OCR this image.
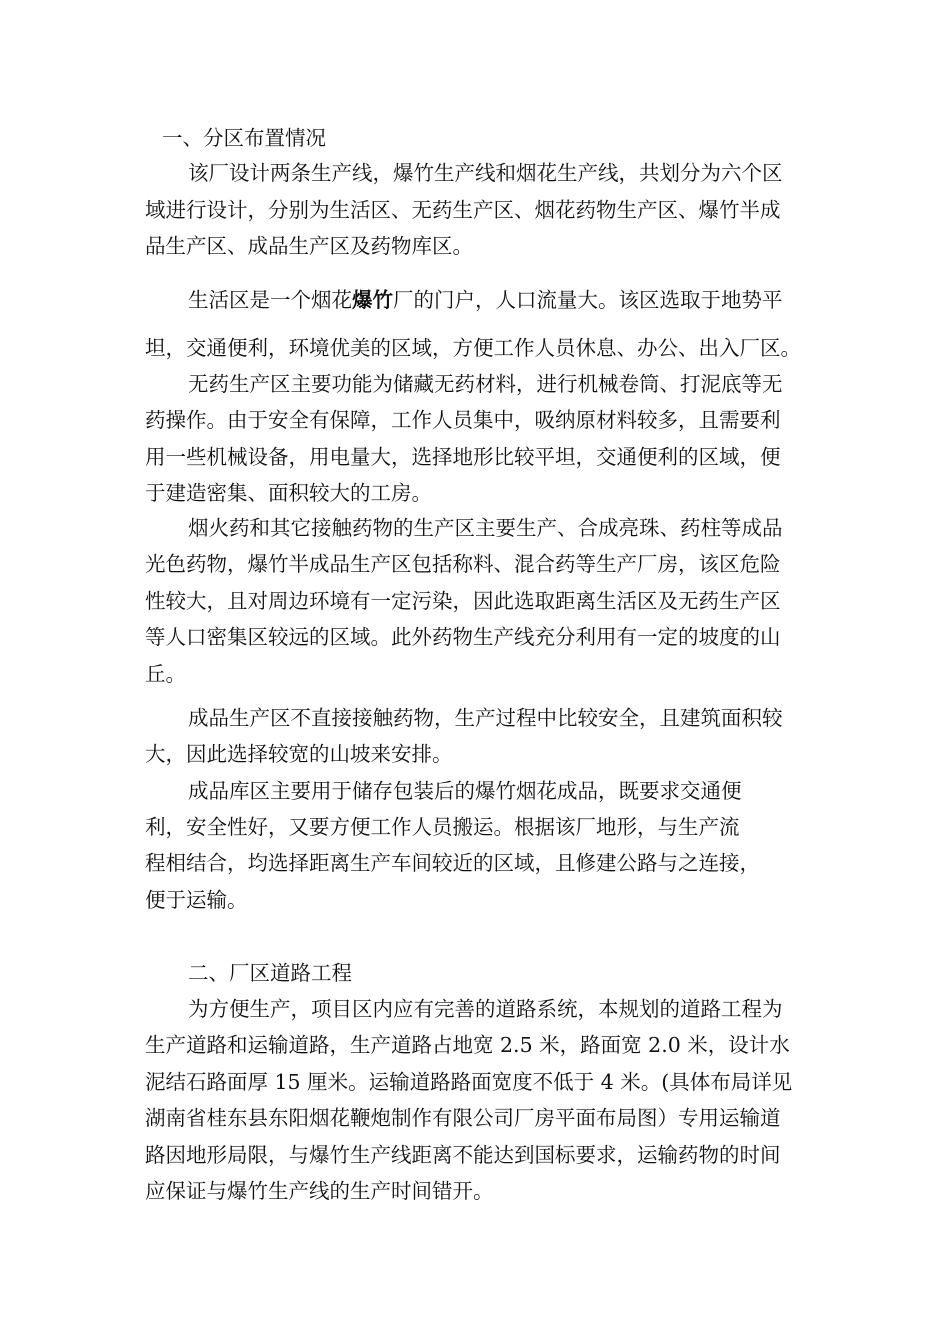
一、分区布置情况

该厂设计两条生产线，爆竹生产线和烟花生产线，共划分为六个区

域进行设计，分别为生活区、无药生产区、烟花药物生产区、爆竹半成

品生产区、成品生产区及药物库区。

生活区是一个烟花爆竹厂的门户，人口流量大。该区选取于地势平

坦，交通便利，环境优美的区域，方便工作人员休息、办公、出入厂区。

无药生产区主要功能为储藏无药材料，进行机械卷筒、打泥底等无

药操作。由于安全有保障，工作人员集中，吸纳原材料较多，且需要利

用一些机械设备，用电量大，选择地形比较平坦，交通便利的区域，便

于建造密集、面积较大的工房。

烟火药和其它接触药物的生产区主要生产、合成亮珠、药柱等成品

光色药物，爆竹半成品生产区包括称料、混合药等生产厂房，该区危险

性较大，且对周边环境有一定污染，因此选取距离生活区及无药生产区

等人口密集区较远的区域。此外药物生产线充分利用有一定的坡度的山

丘。

成品生产区不直接接触药物，生产过程中比较安全，且建筑面积较

大，因此选择较宽的山坡来安排。

成品库区主要用于储存包装后的爆竹烟花成品，既要求交通便

利，安全性好，又要方便工作人员搬运。根据该厂地形，与生产流

程相结合，均选择距离生产车间较近的区域，且修建公路与之连接，

便于运输。

二、厂区道路工程

为方便生产，项目区内应有完善的道路系统，本规划的道路工程为

生产道路和运输道路，生产道路占地宽 2.5 米，路面宽 2.0 米，设计水

泥结石路面厚 15 厘米。运输道路路面宽度不低于 4 米。(具体布局详见

湖南省桂东县东阳烟花鞭炮制作有限公司厂房平面布局图）专用运输道

路因地形局限，与爆竹生产线距离不能达到国标要求，运输药物的时间

应保证与爆竹生产线的生产时间错开。
